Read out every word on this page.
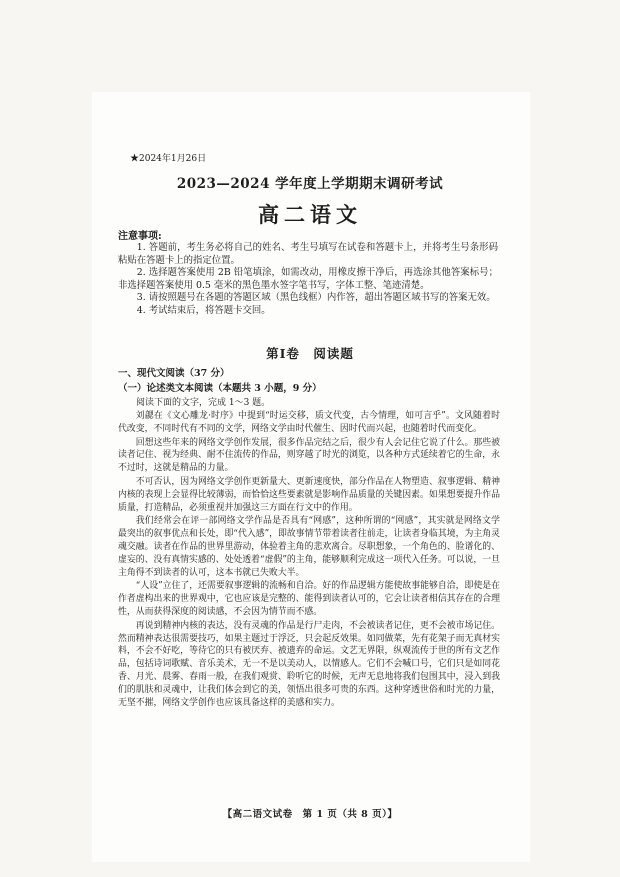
★2024年1月26日
2023—2024 学年度上学期期末调研考试
高二语文
注意事项:

1. 答题前，考生务必将自己的姓名、考生号填写在试卷和答题卡上，并将考生号条形码粘贴在答题卡上的指定位置。

2. 选择题答案使用 2B 铅笔填涂，如需改动，用橡皮擦干净后，再选涂其他答案标号；非选择题答案使用 0.5 毫米的黑色墨水签字笔书写，字体工整、笔迹清楚。

3. 请按照题号在各题的答题区域（黑色线框）内作答，超出答题区域书写的答案无效。

4. 考试结束后，将答题卡交回。

第Ⅰ卷　阅读题
一、现代文阅读（37 分）
（一）论述类文本阅读（本题共 3 小题，9 分）
阅读下面的文字，完成 1～3 题。

刘勰在《文心雕龙·时序》中提到“时运交移，质文代变，古今情理，如可言乎”。文风随着时代改变，不同时代有不同的文学，网络文学由时代催生、因时代而兴起，也随着时代而变化。

回想这些年来的网络文学创作发展，很多作品完结之后，很少有人会记住它说了什么。那些被读者记住、视为经典、耐不住流传的作品，则穿越了时光的浏览，以各种方式延续着它的生命，永不过时，这就是精品的力量。

不可否认，因为网络文学创作更新量大、更新速度快，部分作品在人物塑造、叙事逻辑、精神内核的表现上会显得比较薄弱，而恰恰这些要素就是影响作品质量的关键因素。如果想要提升作品质量，打造精品，必须重视并加强这三方面在行文中的作用。

我们经常会在评一部网络文学作品是否具有“网感”，这种所谓的“网感”，其实就是网络文学最突出的叙事优点和长处，即“代入感”，即故事情节带着读者往前走，让读者身临其境，为主角灵魂交融。读者在作品的世界里游动，体验着主角的悲欢离合。尽职想象，一个角色的、脸谱化的、虚妄的、没有真情实感的、处处透着“虚假”的主角，能够顺利完成这一项代入任务。可以说，一旦主角得不到读者的认可，这本书就已失败大半。

“人设”立住了，还需要叙事逻辑的流畅和自洽。好的作品逻辑方能使故事能够自洽，即使是在作者虚构出来的世界观中，它也应该是完整的、能得到读者认可的，它会让读者相信其存在的合理性，从而获得深度的阅读感，不会因为情节而不感。

再说到精神内核的表达，没有灵魂的作品是行尸走肉，不会被读者记住，更不会被市场记住。然而精神表达很需要技巧，如果主题过于浮泛，只会起反效果。如同做菜，先有花架子而无真材实料，不会不好吃，等待它的只有被厌弃、被遗弃的命运。文艺无界限，纵观流传于世的所有文艺作品，包括诗词歌赋、音乐美术，无一不是以美动人，以情感人。它们不会喊口号，它们只是如同花香、月光、晨雾、春雨一般，在我们观赏、聆听它的时候，无声无息地将我们包围其中，浸入到我们的肌肤和灵魂中，让我们体会到它的美，领悟出很多可贵的东西。这种穿透世俗和时光的力量，无坚不摧，网络文学创作也应该具备这样的美感和实力。

【高二语文试卷　第 1 页（共 8 页）】
